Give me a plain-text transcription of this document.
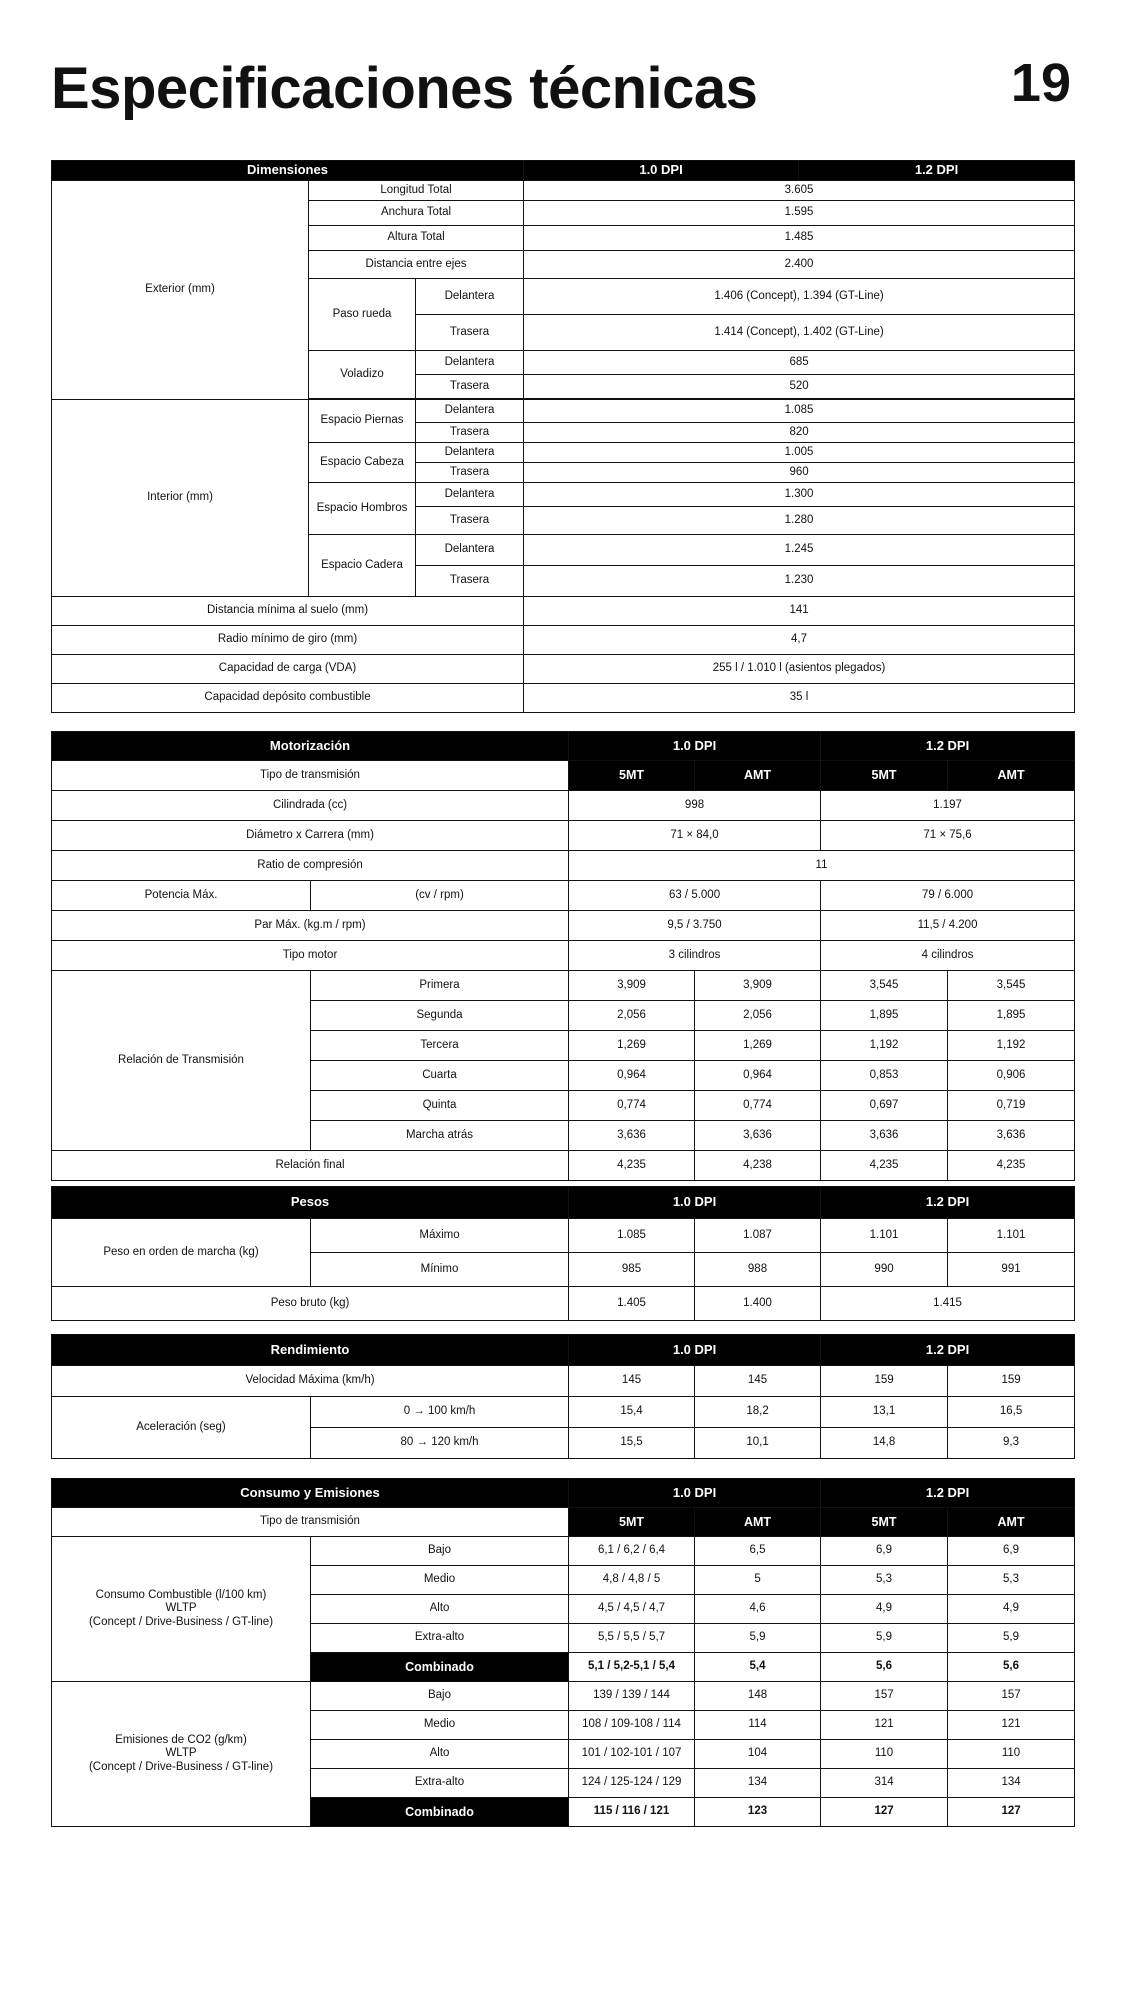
Especificaciones técnicas	19
Dimensiones			1.0 DPI	1.2 DPI
Exterior (mm)	Longitud Total		3.605	
	Anchura Total		1.595	
	Altura Total		1.485	
	Distancia entre ejes		2.400	
	Paso rueda	Delantera	1.406 (Concept), 1.394 (GT-Line)	
		Trasera	1.414 (Concept), 1.402 (GT-Line)	
	Voladizo	Delantera	685	
		Trasera	520	

Interior (mm)	Espacio Piernas	Delantera	1.085	
		Trasera	820	
	Espacio Cabeza	Delantera	1.005	
		Trasera	960	
	Espacio Hombros	Delantera	1.300	
		Trasera	1.280	
	Espacio Cadera	Delantera	1.245	
		Trasera	1.230	
Distancia mínima al suelo (mm)			141	
Radio mínimo de giro (mm)			4,7	
Capacidad de carga (VDA)			255 l / 1.010 l (asientos plegados)	
Capacidad depósito combustible			35 l	
Motorización		1.0 DPI		1.2 DPI	
Tipo de transmisión		5MT	AMT	5MT	AMT
Cilindrada (cc)		998		1.197	
Diámetro x Carrera (mm)		71 × 84,0		71 × 75,6	
Ratio de compresión		11			
Potencia Máx.	(cv / rpm)	63 / 5.000		79 / 6.000	
Par Máx. (kg.m / rpm)		9,5 / 3.750		11,5 / 4.200	
Tipo motor		3 cilindros		4 cilindros	
Relación de Transmisión	Primera	3,909	3,909	3,545	3,545
	Segunda	2,056	2,056	1,895	1,895
	Tercera	1,269	1,269	1,192	1,192
	Cuarta	0,964	0,964	0,853	0,906
	Quinta	0,774	0,774	0,697	0,719
	Marcha atrás	3,636	3,636	3,636	3,636
Relación final		4,235	4,238	4,235	4,235
Pesos		1.0 DPI		1.2 DPI	
Peso en orden de marcha (kg)	Máximo	1.085	1.087	1.101	1.101
	Mínimo	985	988	990	991
Peso bruto (kg)		1.405	1.400	1.415	
Rendimiento		1.0 DPI		1.2 DPI	
Velocidad Máxima (km/h)		145	145	159	159
Aceleración (seg)	0 → 100 km/h	15,4	18,2	13,1	16,5
	80 → 120 km/h	15,5	10,1	14,8	9,3
Consumo y Emisiones		1.0 DPI		1.2 DPI	
Tipo de transmisión		5MT	AMT	5MT	AMT
Consumo Combustible (l/100 km)
WLTP
(Concept / Drive-Business / GT-line)	Bajo	6,1 / 6,2 / 6,4	6,5	6,9	6,9
	Medio	4,8 / 4,8 / 5	5	5,3	5,3
	Alto	4,5 / 4,5 / 4,7	4,6	4,9	4,9
	Extra-alto	5,5 / 5,5 / 5,7	5,9	5,9	5,9
	Combinado	5,1 / 5,2-5,1 / 5,4	5,4	5,6	5,6
Emisiones de CO2 (g/km)
WLTP
(Concept / Drive-Business / GT-line)	Bajo	139 / 139 / 144	148	157	157
	Medio	108 / 109-108 / 114	114	121	121
	Alto	101 / 102-101 / 107	104	110	110
	Extra-alto	124 / 125-124 / 129	134	314	134
	Combinado	115 / 116 / 121	123	127	127
